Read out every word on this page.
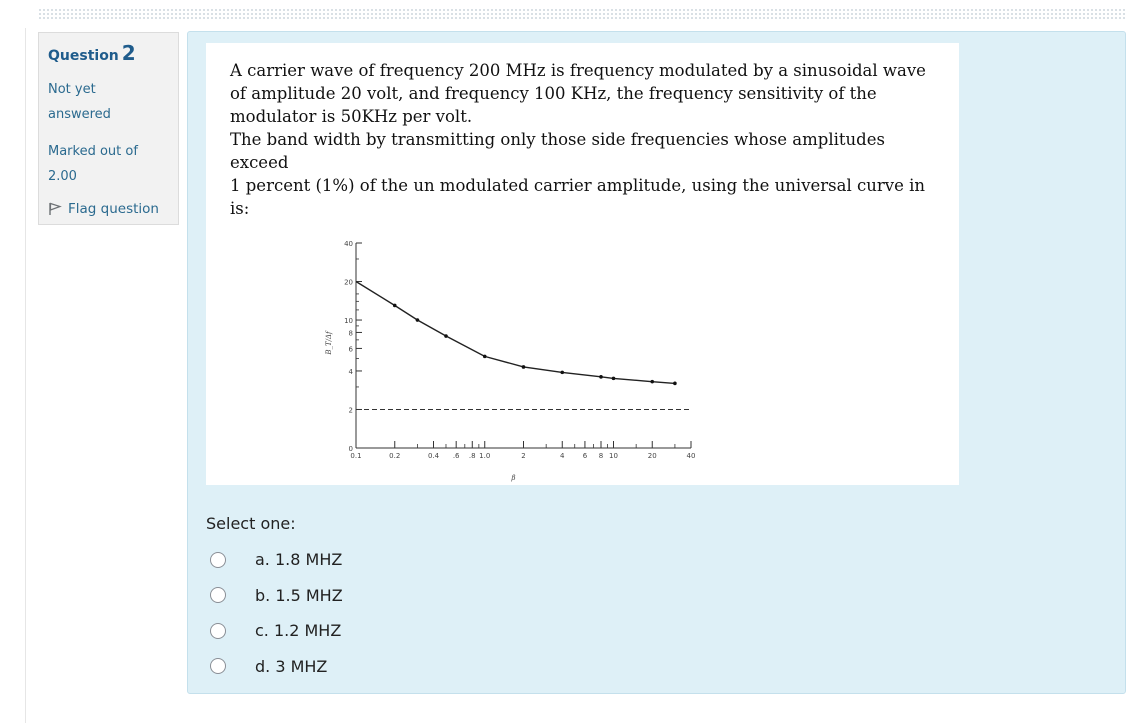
Question 2
Not yet
answered
Marked out of
2.00
Flag question

A carrier wave of frequency 200 MHz is frequency modulated by a sinusoidal wave

of amplitude 20 volt, and frequency 100 KHz, the frequency sensitivity of the

modulator is 50KHz per volt.

The band width by transmitting only those side frequencies whose amplitudes exceed

1 percent (1%) of the un modulated carrier amplitude, using the universal curve in

is:

40
20
10
8
6
4
2
0
0.1	0.2	0.4 .6 .8 1.0	2	4	6 8 10	20	40
B_T/Δf
β
Select one:
a. 1.8 MHZ
b. 1.5 MHZ
c. 1.2 MHZ
d. 3 MHZ
